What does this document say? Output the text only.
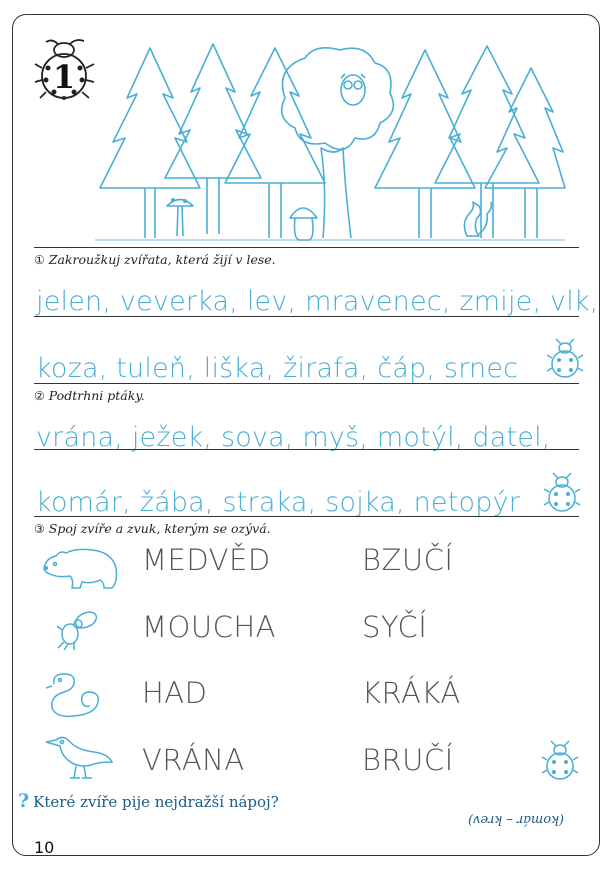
1
① Zakroužkuj zvířata, která žijí v lese.
jelen, veverka, lev, mravenec, zmije, vlk,
koza, tuleň, liška, žirafa, čáp, srnec
② Podtrhni ptáky.
vrána, ježek, sova, myš, motýl, datel,
komár, žába, straka, sojka, netopýr
③ Spoj zvíře a zvuk, kterým se ozývá.
MEDVĚD	BZUČÍ
MOUCHA	SYČÍ
HAD	KRÁKÁ
VRÁNA	BRUČÍ
? Které zvíře pije nejdražší nápoj?
(komár – krev)
10
